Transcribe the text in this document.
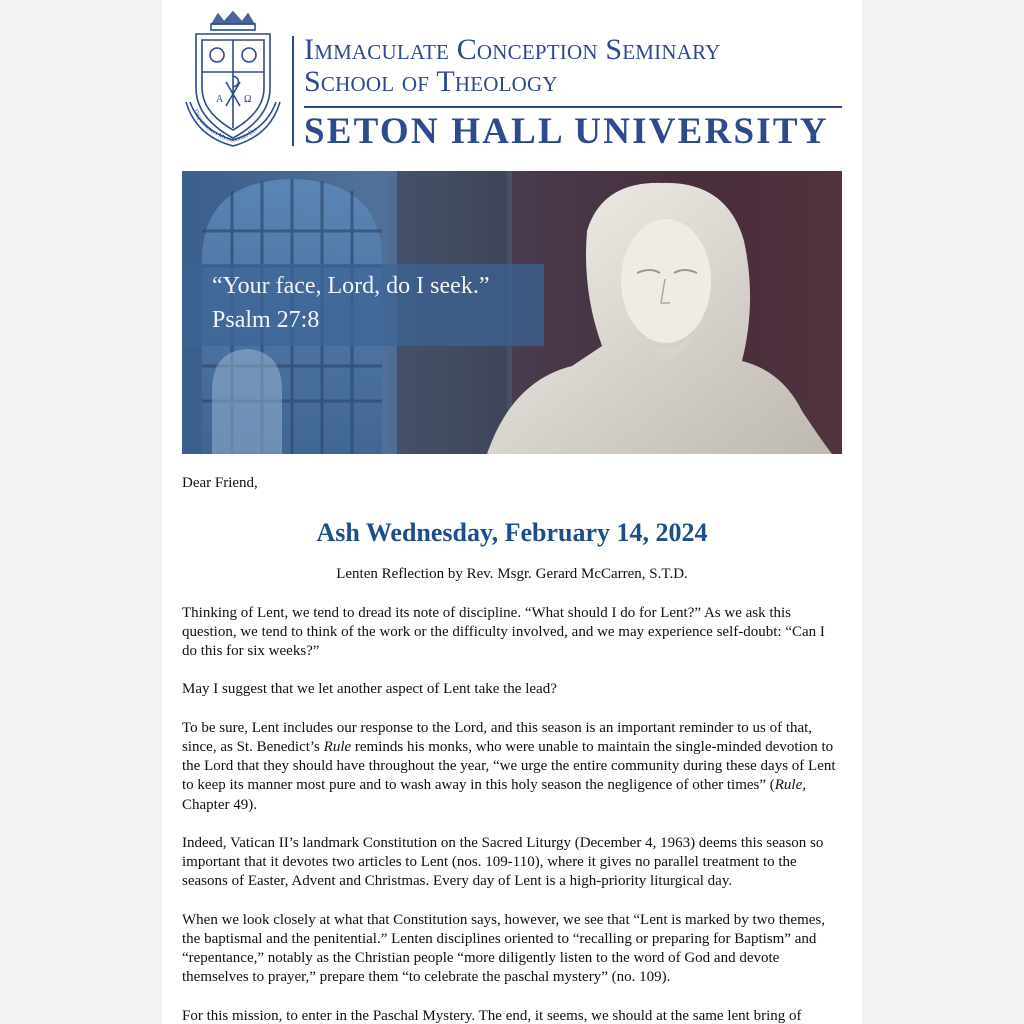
A Ω
Dispensatores Mysteriorum Dei
Immaculate Conception Seminary
School of Theology
SETON HALL UNIVERSITY
“Your face, Lord, do I seek.”
Psalm 27:8

Dear Friend,

Ash Wednesday, February 14, 2024

Lenten Reflection by Rev. Msgr. Gerard McCarren, S.T.D.

Thinking of Lent, we tend to dread its note of discipline. “What should I do for Lent?” As we ask this question, we tend to think of the work or the difficulty involved, and we may experience self-doubt: “Can I do this for six weeks?”

May I suggest that we let another aspect of Lent take the lead?

To be sure, Lent includes our response to the Lord, and this season is an important reminder to us of that, since, as St. Benedict’s Rule reminds his monks, who were unable to maintain the single-minded devotion to the Lord that they should have throughout the year, “we urge the entire community during these days of Lent to keep its manner most pure and to wash away in this holy season the negligence of other times” (Rule, Chapter 49).

Indeed, Vatican II’s landmark Constitution on the Sacred Liturgy (December 4, 1963) deems this season so important that it devotes two articles to Lent (nos. 109-110), where it gives no parallel treatment to the seasons of Easter, Advent and Christmas. Every day of Lent is a high-priority liturgical day.

When we look closely at what that Constitution says, however, we see that “Lent is marked by two themes, the baptismal and the penitential.” Lenten disciplines oriented to “recalling or preparing for Baptism” and “repentance,” notably as the Christian people “more diligently listen to the word of God and devote themselves to prayer,” prepare them “to celebrate the paschal mystery” (no. 109).

For this mission, to enter in the Paschal Mystery. The end, it seems, we should at the same lent bring of
